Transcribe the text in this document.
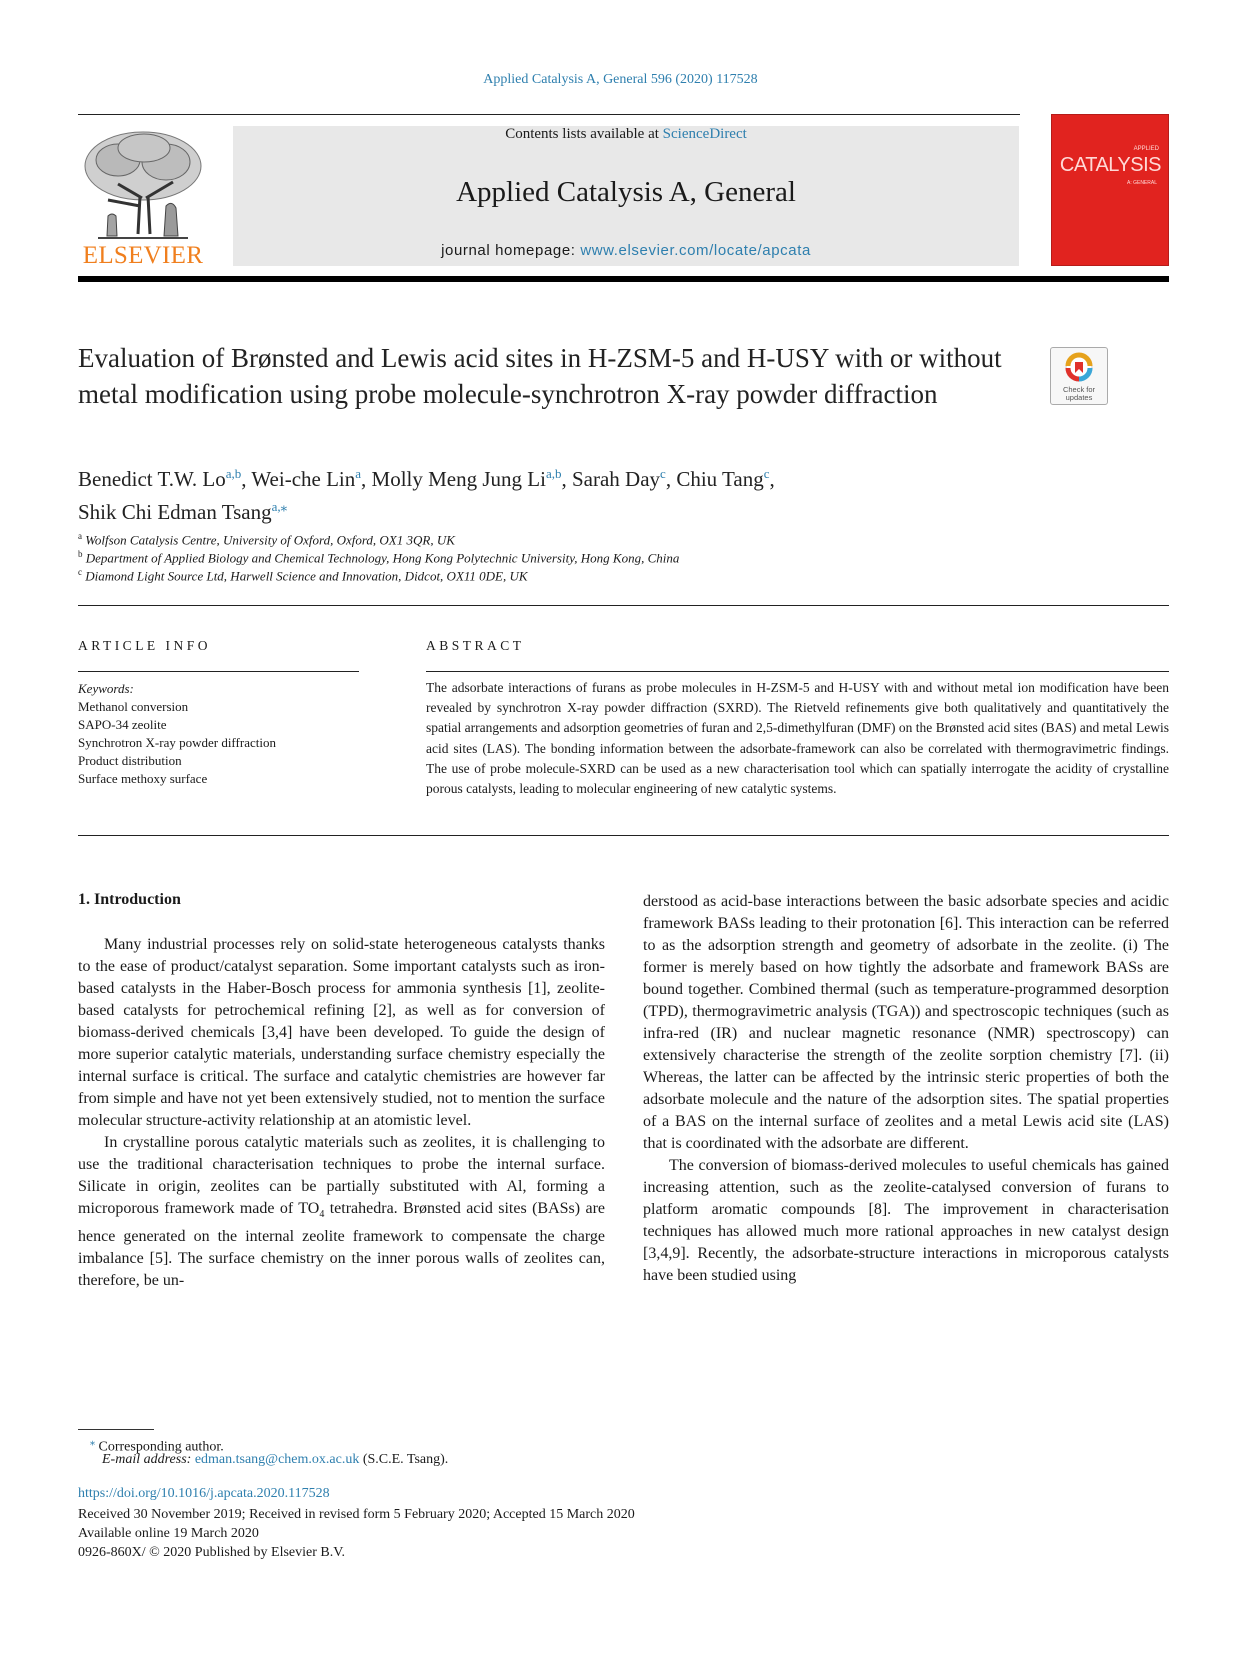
Applied Catalysis A, General 596 (2020) 117528
ELSEVIER
Contents lists available at ScienceDirect
Applied Catalysis A, General
journal homepage: www.elsevier.com/locate/apcata
APPLIED
CATALYSIS
A: GENERAL
Evaluation of Brønsted and Lewis acid sites in H-ZSM-5 and H-USY with or without metal modification using probe molecule-synchrotron X-ray powder diffraction	Check for
updates
Benedict T.W. Lo$^{a,b}$, Wei-che Lin$^a$, Molly Meng Jung Li$^{a,b}$, Sarah Day$^c$, Chiu Tang$^c$,
Shik Chi Edman Tsang$^{a,⁎}$
$^a$ Wolfson Catalysis Centre, University of Oxford, Oxford, OX1 3QR, UK
$^b$ Department of Applied Biology and Chemical Technology, Hong Kong Polytechnic University, Hong Kong, China
$^c$ Diamond Light Source Ltd, Harwell Science and Innovation, Didcot, OX11 0DE, UK
ARTICLE INFO	ABSTRACT
Keywords:
Methanol conversion
SAPO-34 zeolite
Synchrotron X-ray powder diffraction
Product distribution
Surface methoxy surface
The adsorbate interactions of furans as probe molecules in H-ZSM-5 and H-USY with and without metal ion modification have been revealed by synchrotron X-ray powder diffraction (SXRD). The Rietveld refinements give both qualitatively and quantitatively the spatial arrangements and adsorption geometries of furan and 2,5-dimethylfuran (DMF) on the Brønsted acid sites (BAS) and metal Lewis acid sites (LAS). The bonding information between the adsorbate-framework can also be correlated with thermogravimetric findings. The use of probe molecule-SXRD can be used as a new characterisation tool which can spatially interrogate the acidity of crystalline porous catalysts, leading to molecular engineering of new catalytic systems.
1. Introduction

Many industrial processes rely on solid-state heterogeneous catalysts thanks to the ease of product/catalyst separation. Some important catalysts such as iron-based catalysts in the Haber-Bosch process for ammonia synthesis [1], zeolite-based catalysts for petrochemical refining [2], as well as for conversion of biomass-derived chemicals [3,4] have been developed. To guide the design of more superior catalytic materials, understanding surface chemistry especially the internal surface is critical. The surface and catalytic chemistries are however far from simple and have not yet been extensively studied, not to mention the surface molecular structure-activity relationship at an atomistic level.

In crystalline porous catalytic materials such as zeolites, it is challenging to use the traditional characterisation techniques to probe the internal surface. Silicate in origin, zeolites can be partially substituted with Al, forming a microporous framework made of $TO_4$ tetrahedra. Brønsted acid sites (BASs) are hence generated on the internal zeolite framework to compensate the charge imbalance [5]. The surface chemistry on the inner porous walls of zeolites can, therefore, be un-

derstood as acid-base interactions between the basic adsorbate species and acidic framework BASs leading to their protonation [6]. This interaction can be referred to as the adsorption strength and geometry of adsorbate in the zeolite. (i) The former is merely based on how tightly the adsorbate and framework BASs are bound together. Combined thermal (such as temperature-programmed desorption (TPD), thermogravimetric analysis (TGA)) and spectroscopic techniques (such as infra-red (IR) and nuclear magnetic resonance (NMR) spectroscopy) can extensively characterise the strength of the zeolite sorption chemistry [7]. (ii) Whereas, the latter can be affected by the intrinsic steric properties of both the adsorbate molecule and the nature of the adsorption sites. The spatial properties of a BAS on the internal surface of zeolites and a metal Lewis acid site (LAS) that is coordinated with the adsorbate are different.

The conversion of biomass-derived molecules to useful chemicals has gained increasing attention, such as the zeolite-catalysed conversion of furans to platform aromatic compounds [8]. The improvement in characterisation techniques has allowed much more rational approaches in new catalyst design [3,4,9]. Recently, the adsorbate-structure interactions in microporous catalysts have been studied using

⁎ Corresponding author.
E-mail address: edman.tsang@chem.ox.ac.uk (S.C.E. Tsang).
https://doi.org/10.1016/j.apcata.2020.117528
Received 30 November 2019; Received in revised form 5 February 2020; Accepted 15 March 2020
Available online 19 March 2020
0926-860X/ © 2020 Published by Elsevier B.V.
